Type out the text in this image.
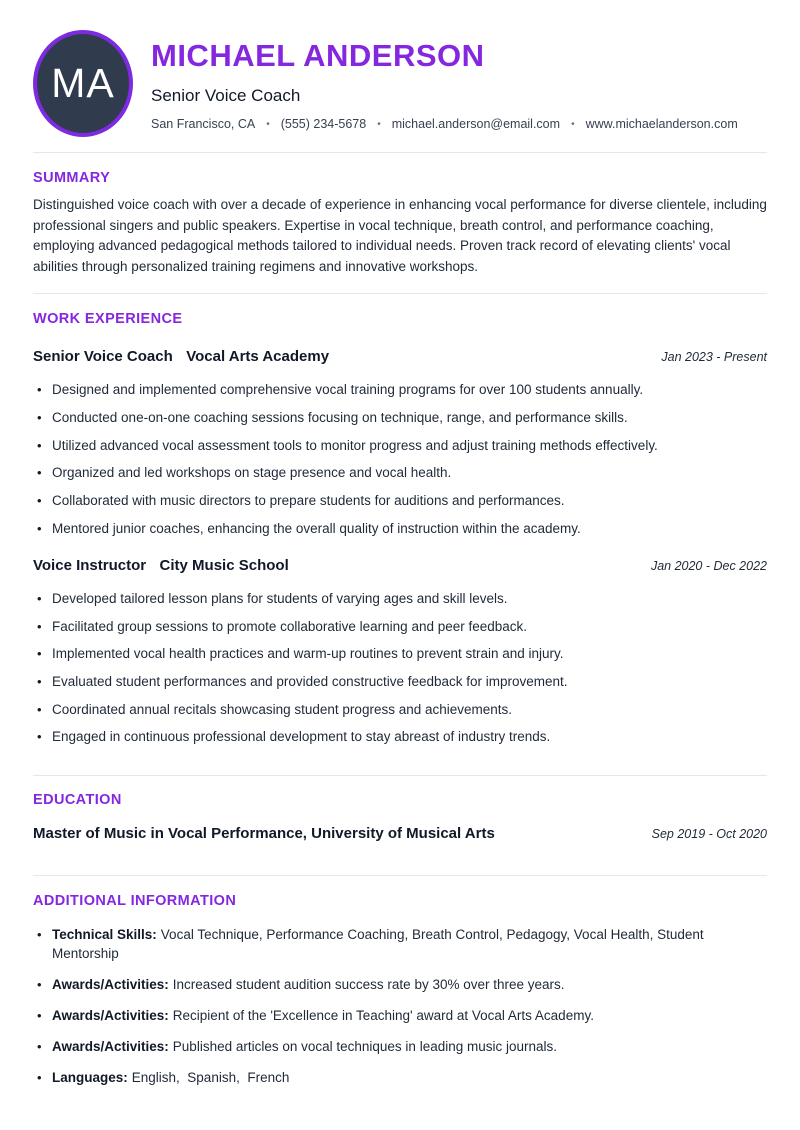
MA
MICHAEL ANDERSON
Senior Voice Coach
San Francisco, CA • (555) 234-5678 • michael.anderson@email.com • www.michaelanderson.com
SUMMARY

Distinguished voice coach with over a decade of experience in enhancing vocal performance for diverse clientele, including professional singers and public speakers. Expertise in vocal technique, breath control, and performance coaching, employing advanced pedagogical methods tailored to individual needs. Proven track record of elevating clients' vocal abilities through personalized training regimens and innovative workshops.

WORK EXPERIENCE
Senior Voice Coach Vocal Arts Academy	Jan 2023 - Present
• Designed and implemented comprehensive vocal training programs for over 100 students annually.
• Conducted one-on-one coaching sessions focusing on technique, range, and performance skills.
• Utilized advanced vocal assessment tools to monitor progress and adjust training methods effectively.
• Organized and led workshops on stage presence and vocal health.
• Collaborated with music directors to prepare students for auditions and performances.
• Mentored junior coaches, enhancing the overall quality of instruction within the academy.
Voice Instructor City Music School	Jan 2020 - Dec 2022
• Developed tailored lesson plans for students of varying ages and skill levels.
• Facilitated group sessions to promote collaborative learning and peer feedback.
• Implemented vocal health practices and warm-up routines to prevent strain and injury.
• Evaluated student performances and provided constructive feedback for improvement.
• Coordinated annual recitals showcasing student progress and achievements.
• Engaged in continuous professional development to stay abreast of industry trends.
EDUCATION
Master of Music in Vocal Performance, University of Musical Arts	Sep 2019 - Oct 2020
ADDITIONAL INFORMATION
• Technical Skills: Vocal Technique, Performance Coaching, Breath Control, Pedagogy, Vocal Health, Student Mentorship
• Awards/Activities: Increased student audition success rate by 30% over three years.
• Awards/Activities: Recipient of the 'Excellence in Teaching' award at Vocal Arts Academy.
• Awards/Activities: Published articles on vocal techniques in leading music journals.
• Languages: English,  Spanish,  French
